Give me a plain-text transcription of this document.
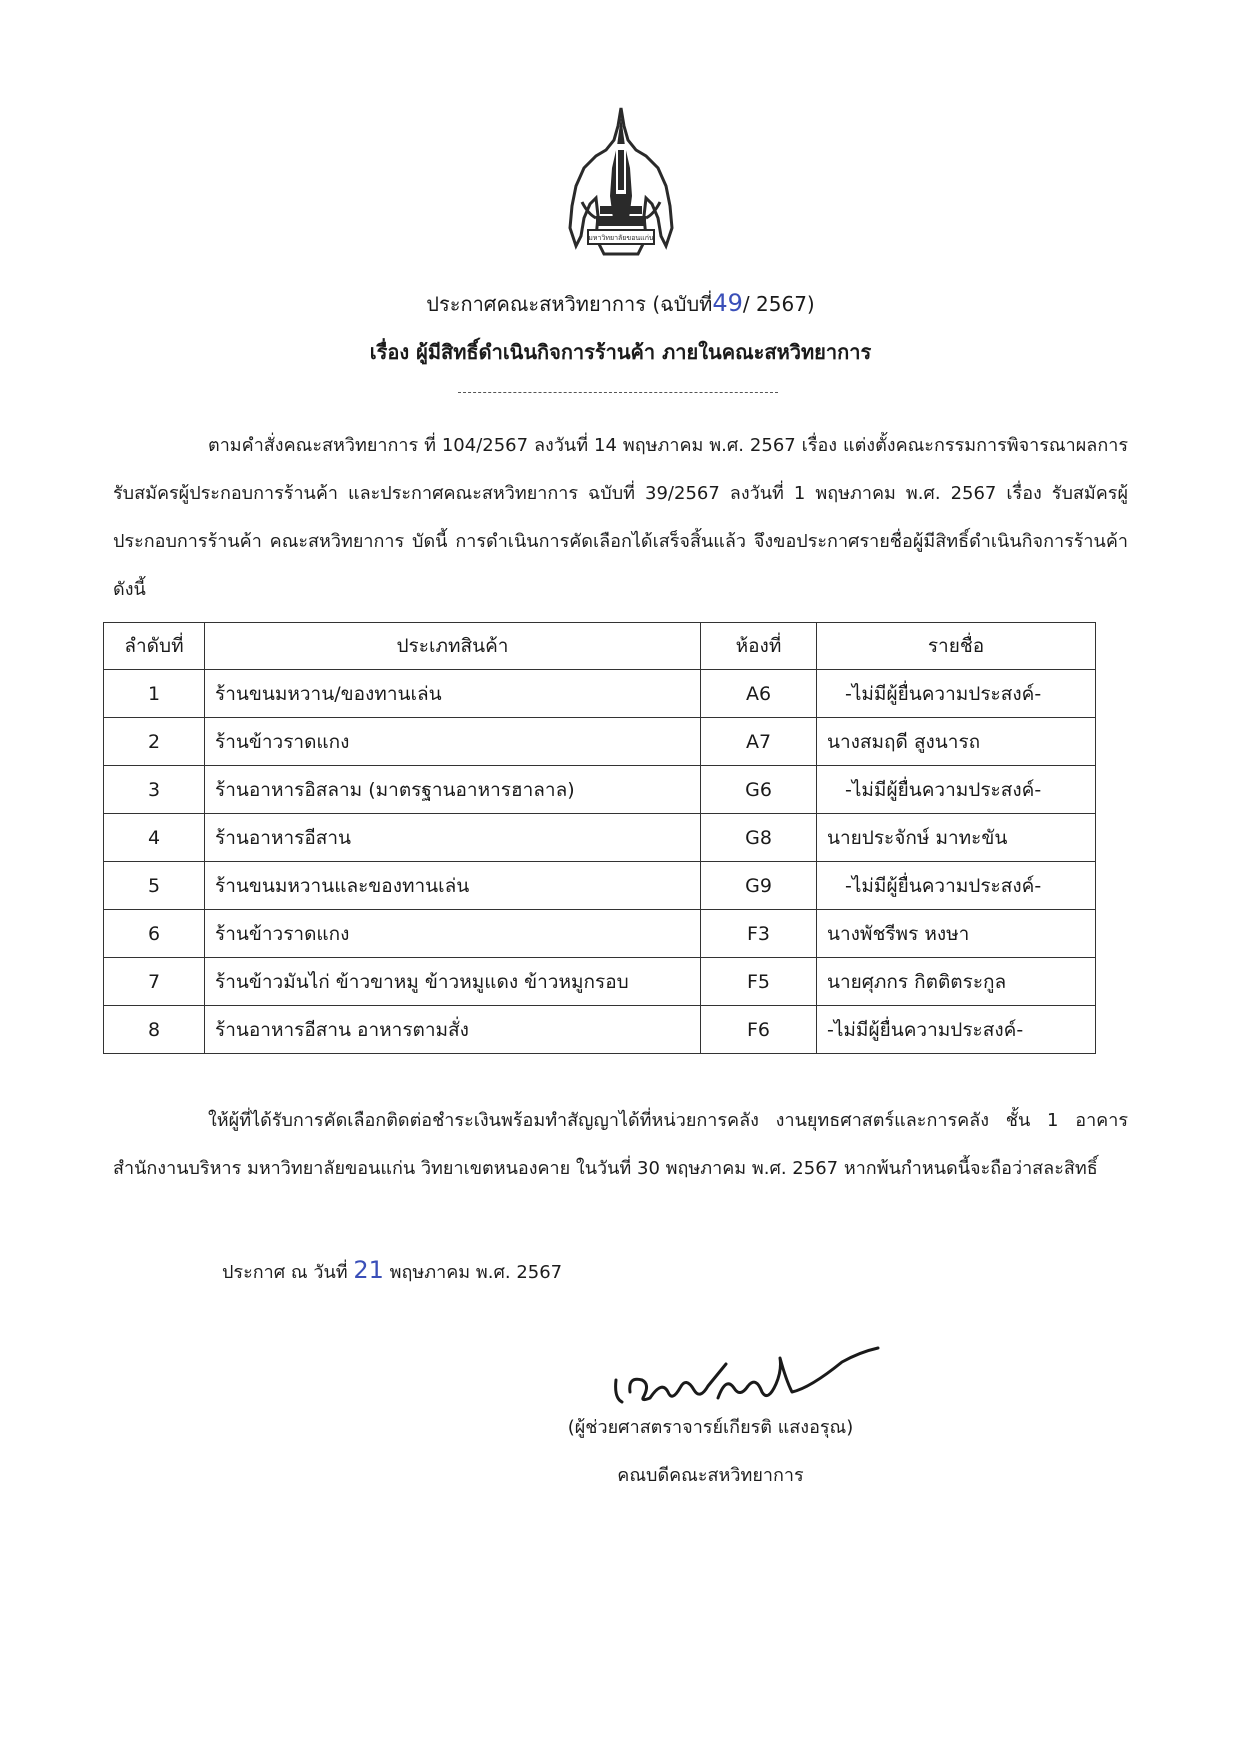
มหาวิทยาลัยขอนแก่น
ประกาศคณะสหวิทยาการ (ฉบับที่49/ 2567)
เรื่อง ผู้มีสิทธิ์ดำเนินกิจการร้านค้า ภายในคณะสหวิทยาการ

ตามคำสั่งคณะสหวิทยาการ ที่ 104/2567 ลงวันที่ 14 พฤษภาคม พ.ศ. 2567 เรื่อง แต่งตั้งคณะกรรมการพิจารณาผลการรับสมัครผู้ประกอบการร้านค้า และประกาศคณะสหวิทยาการ ฉบับที่ 39/2567 ลงวันที่ 1 พฤษภาคม พ.ศ. 2567 เรื่อง รับสมัครผู้ประกอบการร้านค้า คณะสหวิทยาการ บัดนี้ การดำเนินการคัดเลือกได้เสร็จสิ้นแล้ว จึงขอประกาศรายชื่อผู้มีสิทธิ์ดำเนินกิจการร้านค้า ดังนี้

ลำดับที่	ประเภทสินค้า	ห้องที่	รายชื่อ
1	ร้านขนมหวาน/ของทานเล่น	A6	-ไม่มีผู้ยื่นความประสงค์-
2	ร้านข้าวราดแกง	A7	นางสมฤดี สูงนารถ
3	ร้านอาหารอิสลาม (มาตรฐานอาหารฮาลาล)	G6	-ไม่มีผู้ยื่นความประสงค์-
4	ร้านอาหารอีสาน	G8	นายประจักษ์ มาทะขัน
5	ร้านขนมหวานและของทานเล่น	G9	-ไม่มีผู้ยื่นความประสงค์-
6	ร้านข้าวราดแกง	F3	นางพัชรีพร หงษา
7	ร้านข้าวมันไก่ ข้าวขาหมู ข้าวหมูแดง ข้าวหมูกรอบ	F5	นายศุภกร กิตติตระกูล
8	ร้านอาหารอีสาน อาหารตามสั่ง	F6	-ไม่มีผู้ยื่นความประสงค์-

ให้ผู้ที่ได้รับการคัดเลือกติดต่อชำระเงินพร้อมทำสัญญาได้ที่หน่วยการคลัง งานยุทธศาสตร์และการคลัง ชั้น 1 อาคาร สำนักงานบริหาร มหาวิทยาลัยขอนแก่น วิทยาเขตหนองคาย ในวันที่ 30 พฤษภาคม พ.ศ. 2567 หากพ้นกำหนดนี้จะถือว่าสละสิทธิ์

ประกาศ ณ วันที่ 21 พฤษภาคม พ.ศ. 2567
(ผู้ช่วยศาสตราจารย์เกียรติ แสงอรุณ)
คณบดีคณะสหวิทยาการ
